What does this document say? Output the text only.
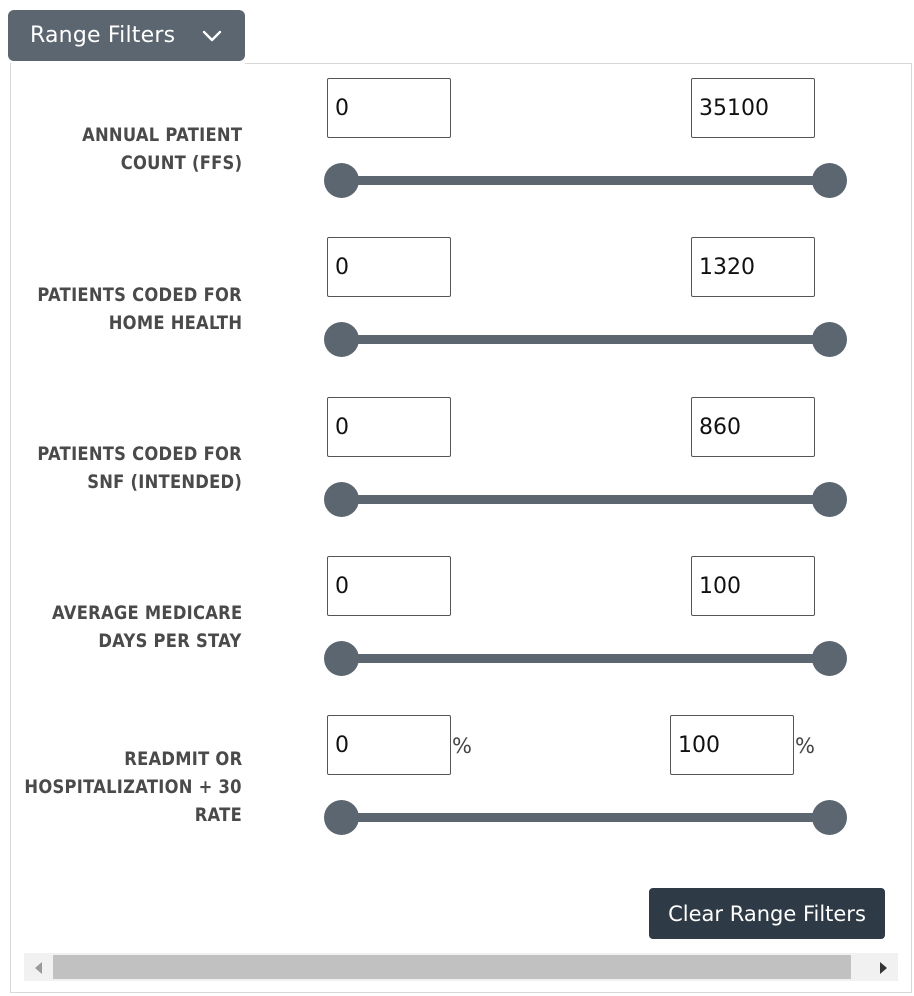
Range Filters
ANNUAL PATIENT
COUNT (FFS)
0
35100
PATIENTS CODED FOR
HOME HEALTH
0
1320
PATIENTS CODED FOR
SNF (INTENDED)
0
860
AVERAGE MEDICARE
DAYS PER STAY
0
100
READMIT OR
HOSPITALIZATION + 30
RATE
0
100
%	%
Clear Range Filters
